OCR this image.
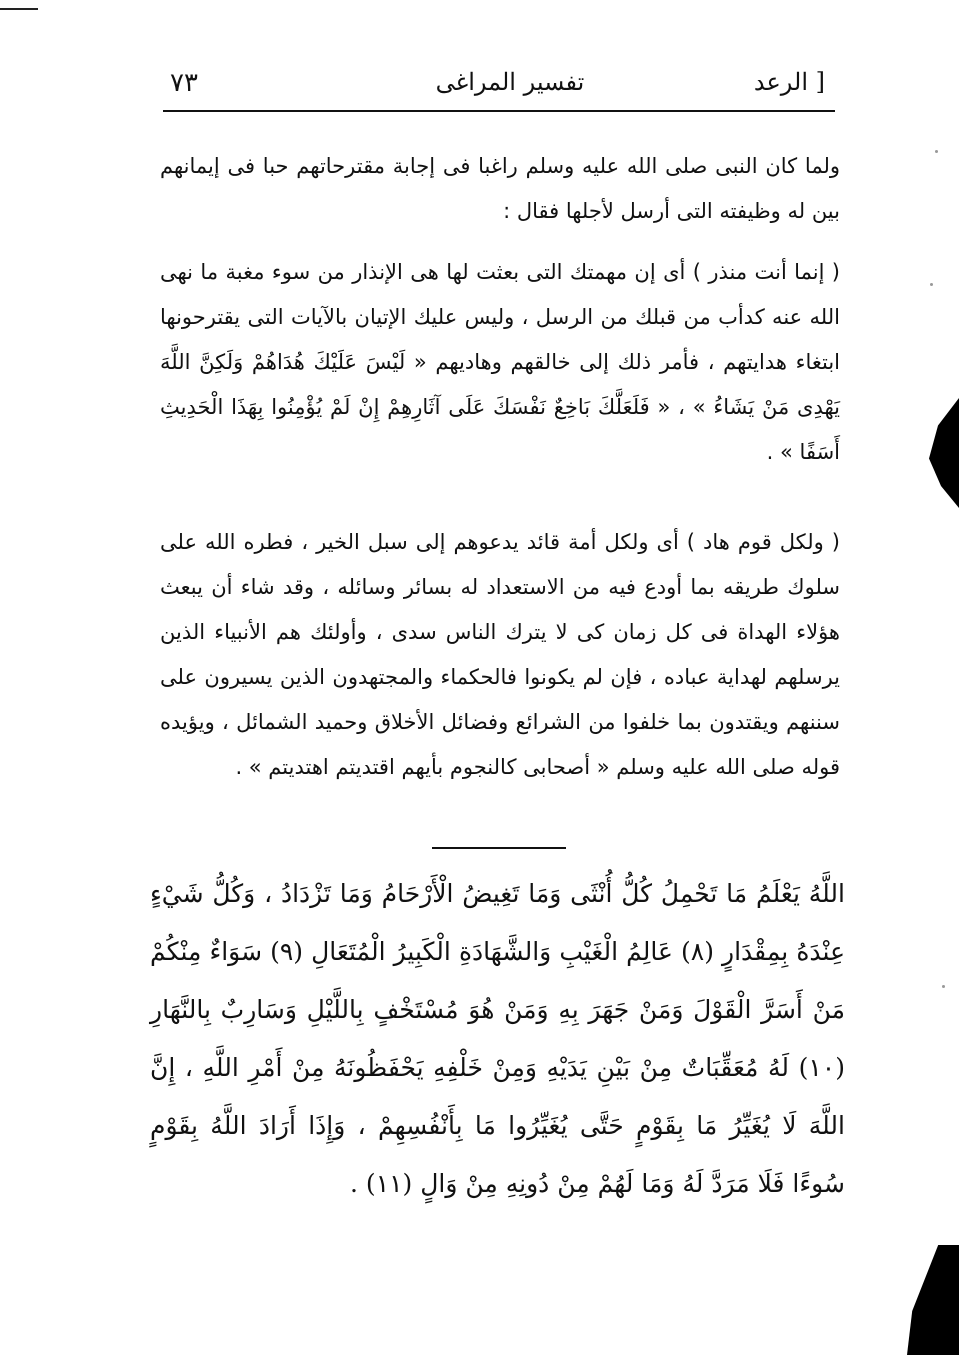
٧٣	تفسير المراغى	الرعد ]

ولما كان النبى صلى الله عليه وسلم راغبا فى إجابة مقترحاتهم حبا فى إيمانهم بين له وظيفته التى أرسل لأجلها فقال :

( إنما أنت منذر ) أى إن مهمتك التى بعثت لها هى الإنذار من سوء مغبة ما نهى الله عنه كدأب من قبلك من الرسل ، وليس عليك الإتيان بالآيات التى يقترحونها ابتغاء هدايتهم ، فأمر ذلك إلى خالقهم وهاديهم « لَيْسَ عَلَيْكَ هُدَاهُمْ وَلَكِنَّ اللَّهَ يَهْدِى مَنْ يَشَاءُ » ، « فَلَعَلَّكَ بَاخِعٌ نَفْسَكَ عَلَى آثَارِهِمْ إِنْ لَمْ يُؤْمِنُوا بِهَذَا الْحَدِيثِ أَسَفًا » .

( ولكل قوم هاد ) أى ولكل أمة قائد يدعوهم إلى سبل الخير ، فطره الله على سلوك طريقه بما أودع فيه من الاستعداد له بسائر وسائله ، وقد شاء أن يبعث هؤلاء الهداة فى كل زمان كى لا يترك الناس سدى ، وأولئك هم الأنبياء الذين يرسلهم لهداية عباده ، فإن لم يكونوا فالحكماء والمجتهدون الذين يسيرون على سننهم ويقتدون بما خلفوا من الشرائع وفضائل الأخلاق وحميد الشمائل ، ويؤيده قوله صلى الله عليه وسلم « أصحابى كالنجوم بأيهم اقتديتم اهتديتم » .

اللَّهُ يَعْلَمُ مَا تَحْمِلُ كُلُّ أُنْثَى وَمَا تَغِيضُ الْأَرْحَامُ وَمَا تَزْدَادُ ، وَكُلُّ شَيْءٍ عِنْدَهُ بِمِقْدَارٍ (٨) عَالِمُ الْغَيْبِ وَالشَّهَادَةِ الْكَبِيرُ الْمُتَعَالِ (٩) سَوَاءٌ مِنْكُمْ مَنْ أَسَرَّ الْقَوْلَ وَمَنْ جَهَرَ بِهِ وَمَنْ هُوَ مُسْتَخْفٍ بِاللَّيْلِ وَسَارِبٌ بِالنَّهَارِ (١٠) لَهُ مُعَقِّبَاتٌ مِنْ بَيْنِ يَدَيْهِ وَمِنْ خَلْفِهِ يَحْفَظُونَهُ مِنْ أَمْرِ اللَّهِ ، إِنَّ اللَّهَ لَا يُغَيِّرُ مَا بِقَوْمٍ حَتَّى يُغَيِّرُوا مَا بِأَنْفُسِهِمْ ، وَإِذَا أَرَادَ اللَّهُ بِقَوْمٍ سُوءًا فَلَا مَرَدَّ لَهُ وَمَا لَهُمْ مِنْ دُونِهِ مِنْ وَالٍ (١١) .
